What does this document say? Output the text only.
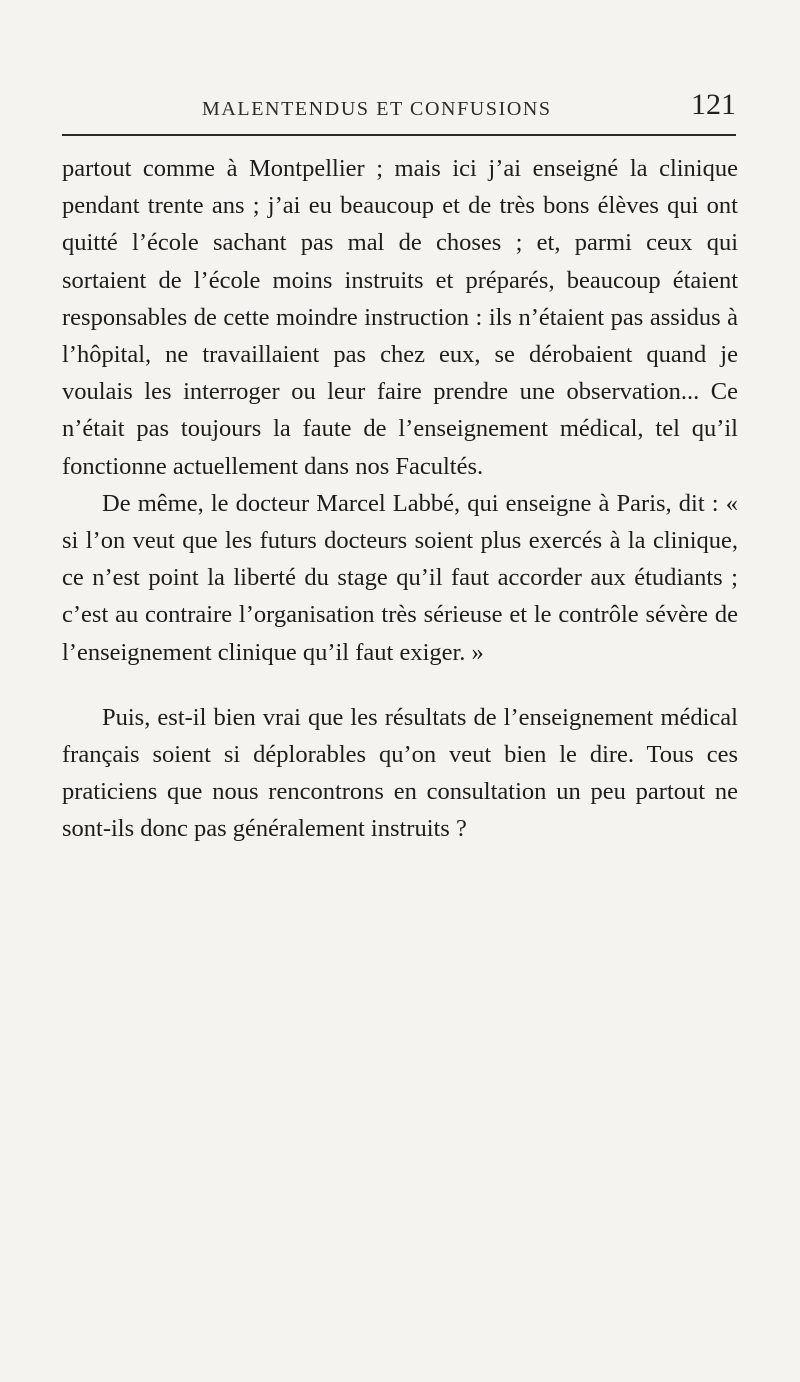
MALENTENDUS ET CONFUSIONS	121

partout comme à Montpellier ; mais ici j’ai enseigné la clinique pendant trente ans ; j’ai eu beaucoup et de très bons élèves qui ont quitté l’école sachant pas mal de choses ; et, parmi ceux qui sortaient de l’école moins instruits et préparés, beaucoup étaient responsables de cette moindre instruction : ils n’étaient pas assidus à l’hôpital, ne travaillaient pas chez eux, se dérobaient quand je voulais les interroger ou leur faire prendre une observation... Ce n’était pas toujours la faute de l’enseignement médical, tel qu’il fonctionne actuellement dans nos Facultés.

De même, le docteur Marcel Labbé, qui enseigne à Paris, dit : « si l’on veut que les futurs docteurs soient plus exercés à la clinique, ce n’est point la liberté du stage qu’il faut accorder aux étudiants ; c’est au contraire l’organisation très sérieuse et le contrôle sévère de l’enseignement clinique qu’il faut exiger. »

Puis, est-il bien vrai que les résultats de l’enseignement médical français soient si déplorables qu’on veut bien le dire. Tous ces praticiens que nous rencontrons en consultation un peu partout ne sont-ils donc pas généralement instruits ?
